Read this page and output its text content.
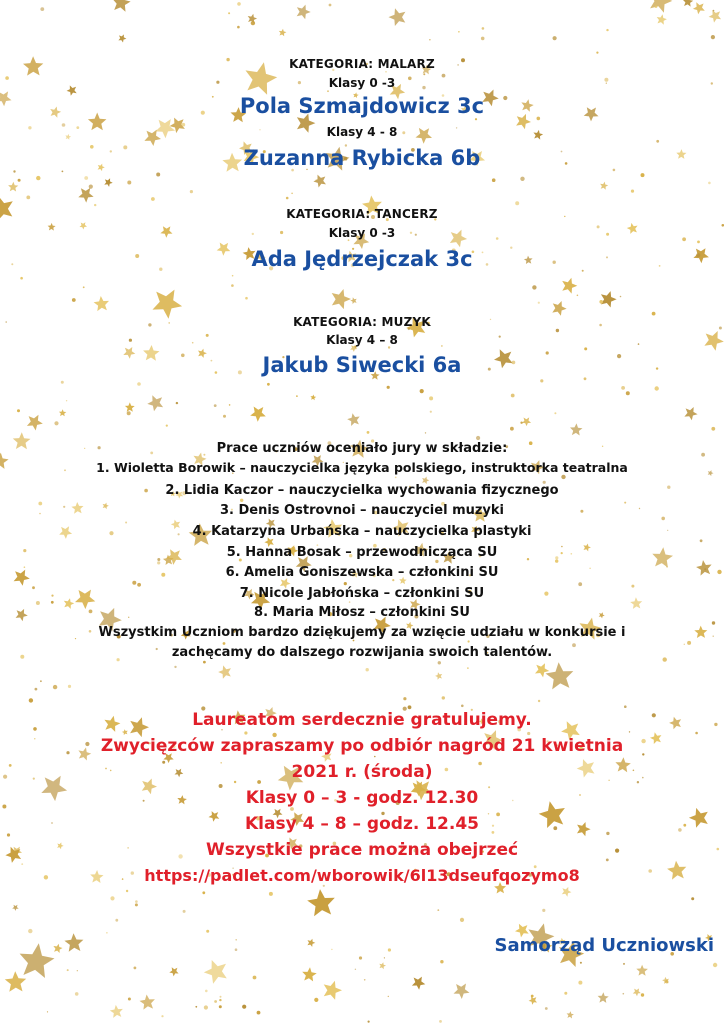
KATEGORIA: MALARZ
Klasy 0 -3
Pola Szmajdowicz 3c
Klasy 4 - 8
Zuzanna Rybicka 6b
KATEGORIA: TANCERZ
Klasy 0 -3
Ada Jędrzejczak 3c
KATEGORIA: MUZYK
Klasy 4 – 8
Jakub Siwecki 6a
Prace uczniów oceniało jury w składzie:
1. Wioletta Borowik – nauczycielka języka polskiego, instruktorka teatralna
2. Lidia Kaczor – nauczycielka wychowania fizycznego
3. Denis Ostrovnoi – nauczyciel muzyki
4. Katarzyna Urbańska – nauczycielka plastyki
5. Hanna Bosak – przewodnicząca SU
6. Amelia Goniszewska – członkini SU
7. Nicole Jabłońska – członkini SU
8. Maria Miłosz – członkini SU
Wszystkim Uczniom bardzo dziękujemy za wzięcie udziału w konkursie i
zachęcamy do dalszego rozwijania swoich talentów.
Laureatom serdecznie gratulujemy.
Zwycięzców zapraszamy po odbiór nagród 21 kwietnia
2021 r. (środa)
Klasy 0 – 3 - godz. 12.30
Klasy 4 – 8 – godz. 12.45
Wszystkie prace można obejrzeć
https://padlet.com/wborowik/6l13dseufqozymo8
Samorząd Uczniowski
